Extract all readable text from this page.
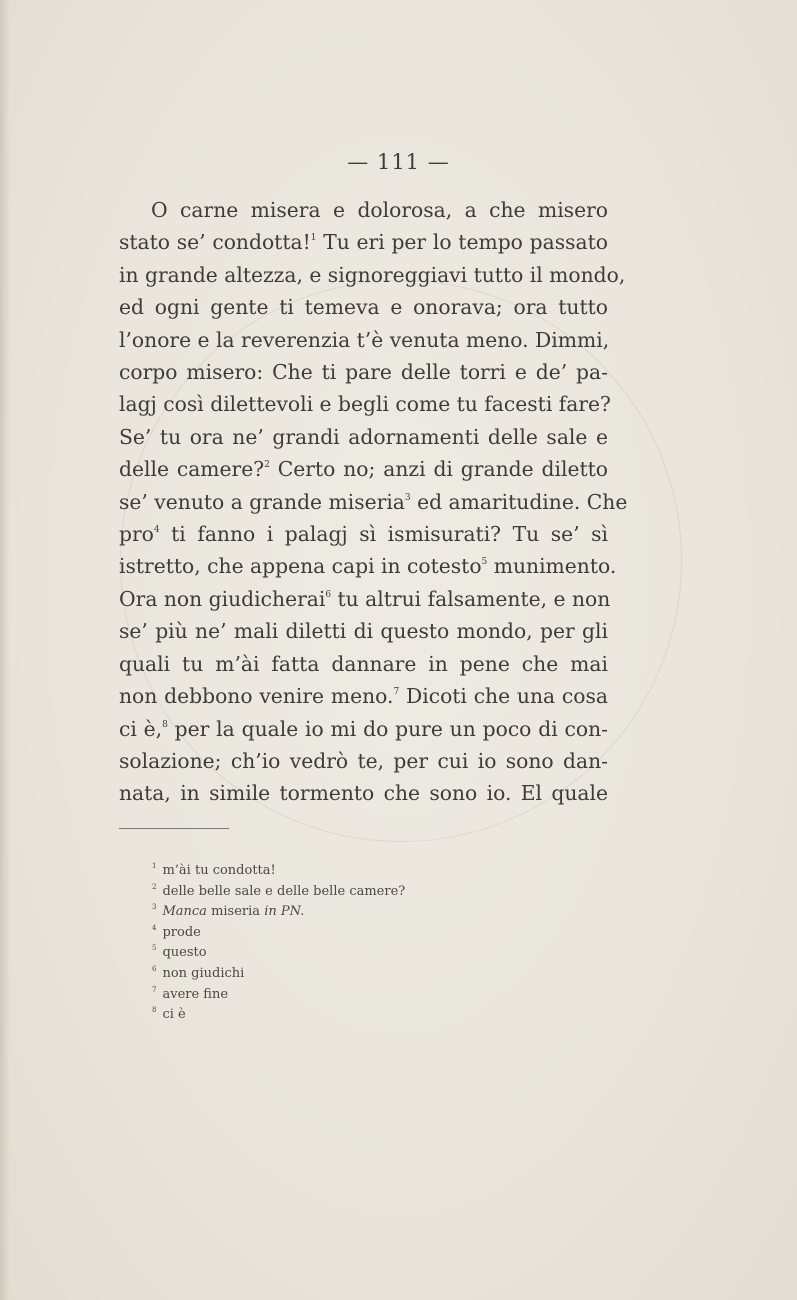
— 111 —
O carne misera e dolorosa, a che misero
stato se’ condotta!$^1$ Tu eri per lo tempo passato
in grande altezza, e signoreggiavi tutto il mondo,
ed ogni gente ti temeva e onorava; ora tutto
l’onore e la reverenzia t’è venuta meno. Dimmi,
corpo misero: Che ti pare delle torri e de’ pa-
lagj così dilettevoli e begli come tu facesti fare?
Se’ tu ora ne’ grandi adornamenti delle sale e
delle camere?$^2$ Certo no; anzi di grande diletto
se’ venuto a grande miseria$^3$ ed amaritudine. Che
pro$^4$ ti fanno i palagj sì ismisurati? Tu se’ sì
istretto, che appena capi in cotesto$^5$ munimento.
Ora non giudicherai$^6$ tu altrui falsamente, e non
se’ più ne’ mali diletti di questo mondo, per gli
quali tu m’ài fatta dannare in pene che mai
non debbono venire meno.$^7$ Dicoti che una cosa
ci è,$^8$ per la quale io mi do pure un poco di con-
solazione; ch’io vedrò te, per cui io sono dan-
nata, in simile tormento che sono io. El quale
$^1$ m’ài tu condotta!
$^2$ delle belle sale e delle belle camere?
$^3$ Manca miseria in PN.
$^4$ prode
$^5$ questo
$^6$ non giudichi
$^7$ avere fine
$^8$ ci è
